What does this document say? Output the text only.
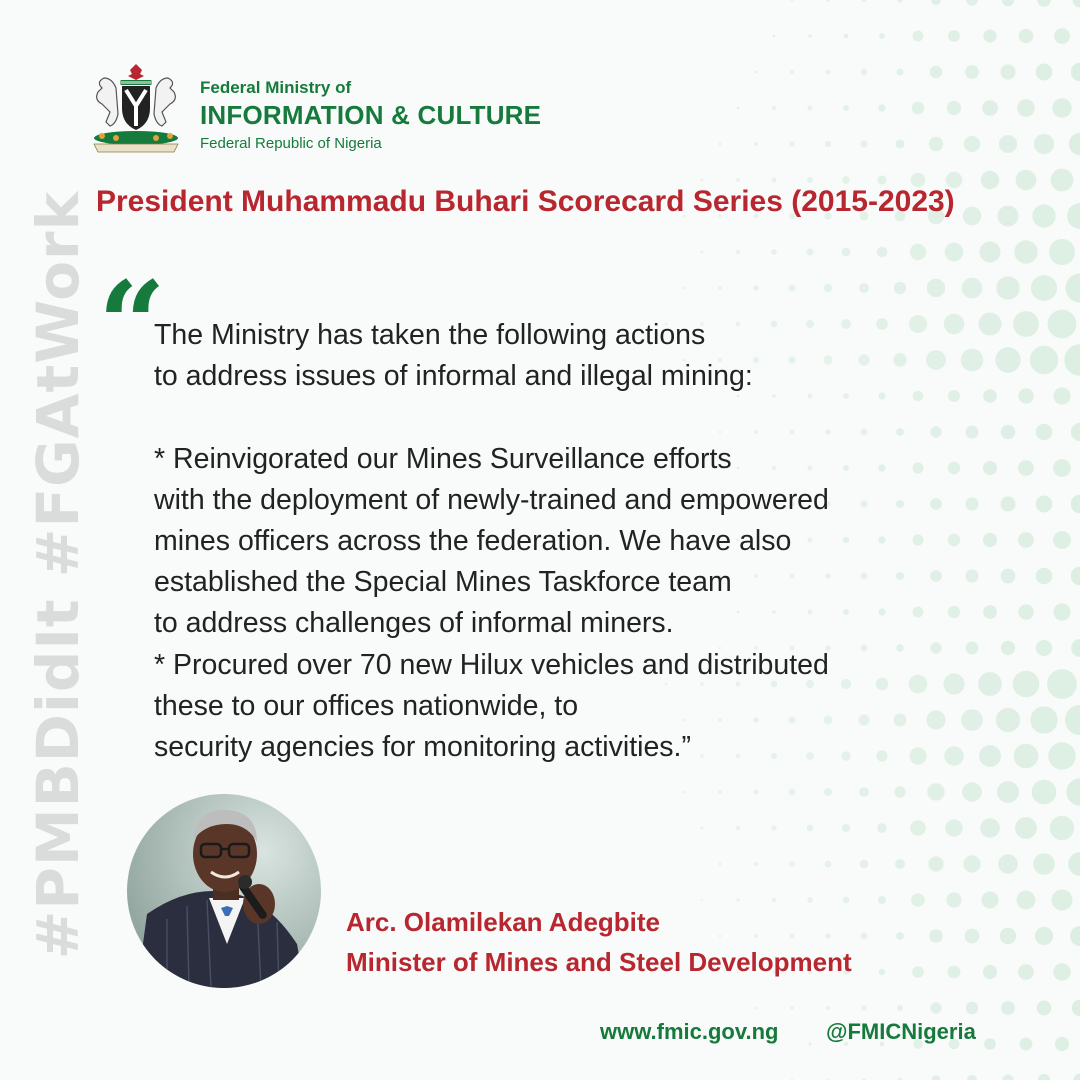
#PMBDidIt #FGAtWork
Federal Ministry of
INFORMATION & CULTURE
Federal Republic of Nigeria
President Muhammadu Buhari Scorecard Series (2015-2023)
“

The Ministry has taken the following actions

to address issues of informal and illegal mining:

* Reinvigorated our Mines Surveillance efforts

with the deployment of newly-trained and empowered

mines officers across the federation. We have also

established the Special Mines Taskforce team

to address challenges of informal miners.

* Procured over 70 new Hilux vehicles and distributed

these to our offices nationwide, to

security agencies for monitoring activities.”

Arc. Olamilekan Adegbite
Minister of Mines and Steel Development
www.fmic.gov.ng @FMICNigeria
